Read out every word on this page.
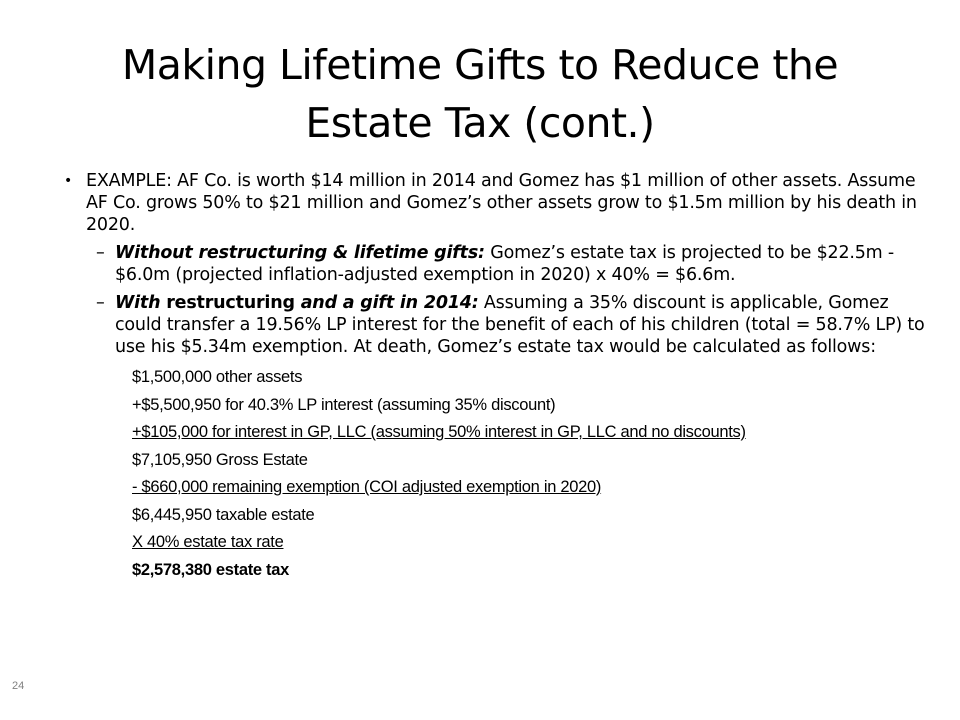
Making Lifetime Gifts to Reduce the Estate Tax (cont.)
• EXAMPLE: AF Co. is worth $14 million in 2014 and Gomez has $1 million of other assets. Assume AF Co. grows 50% to $21 million and Gomez’s other assets grow to $1.5m million by his death in 2020.
– Without restructuring & lifetime gifts: Gomez’s estate tax is projected to be $22.5m - $6.0m (projected inflation-adjusted exemption in 2020) x 40% = $6.6m.
– With restructuring and a gift in 2014: Assuming a 35% discount is applicable, Gomez could transfer a 19.56% LP interest for the benefit of each of his children (total = 58.7% LP) to use his $5.34m exemption. At death, Gomez’s estate tax would be calculated as follows:
$1,500,000 other assets
+$5,500,950 for 40.3% LP interest (assuming 35% discount)
+$105,000 for interest in GP, LLC (assuming 50% interest in GP, LLC and no discounts)
$7,105,950 Gross Estate
- $660,000 remaining exemption (COI adjusted exemption in 2020)
$6,445,950 taxable estate
X 40% estate tax rate
$2,578,380 estate tax
24
